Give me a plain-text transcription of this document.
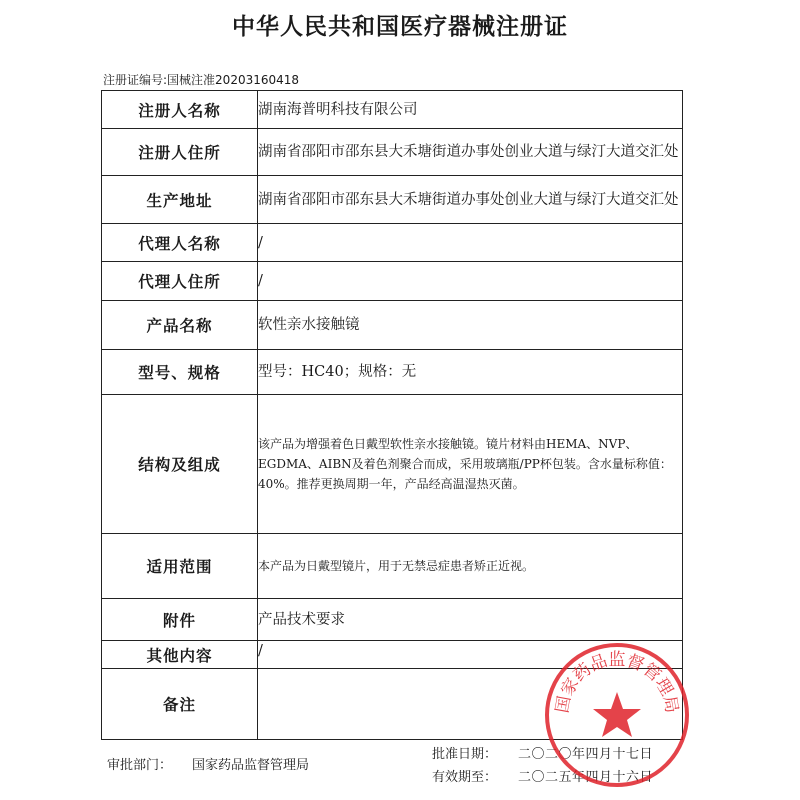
中华人民共和国医疗器械注册证
注册证编号:国械注准20203160418
注册人名称	湖南海普明科技有限公司
注册人住所	湖南省邵阳市邵东县大禾塘街道办事处创业大道与绿汀大道交汇处
生产地址	湖南省邵阳市邵东县大禾塘街道办事处创业大道与绿汀大道交汇处
代理人名称	/
代理人住所	/
产品名称	软性亲水接触镜
型号、规格	型号：HC40；规格：无
结构及组成	该产品为增强着色日戴型软性亲水接触镜。镜片材料由HEMA、NVP、EGDMA、AIBN及着色剂聚合而成，采用玻璃瓶/PP杯包装。含水量标称值：40%。推荐更换周期一年，产品经高温湿热灭菌。
适用范围	本产品为日戴型镜片，用于无禁忌症患者矫正近视。
附件	产品技术要求
其他内容	/
备注	
审批部门： 国家药品监督管理局
批准日期： 二〇二〇年四月十七日
有效期至： 二〇二五年四月十六日
国家药品监督管理局
